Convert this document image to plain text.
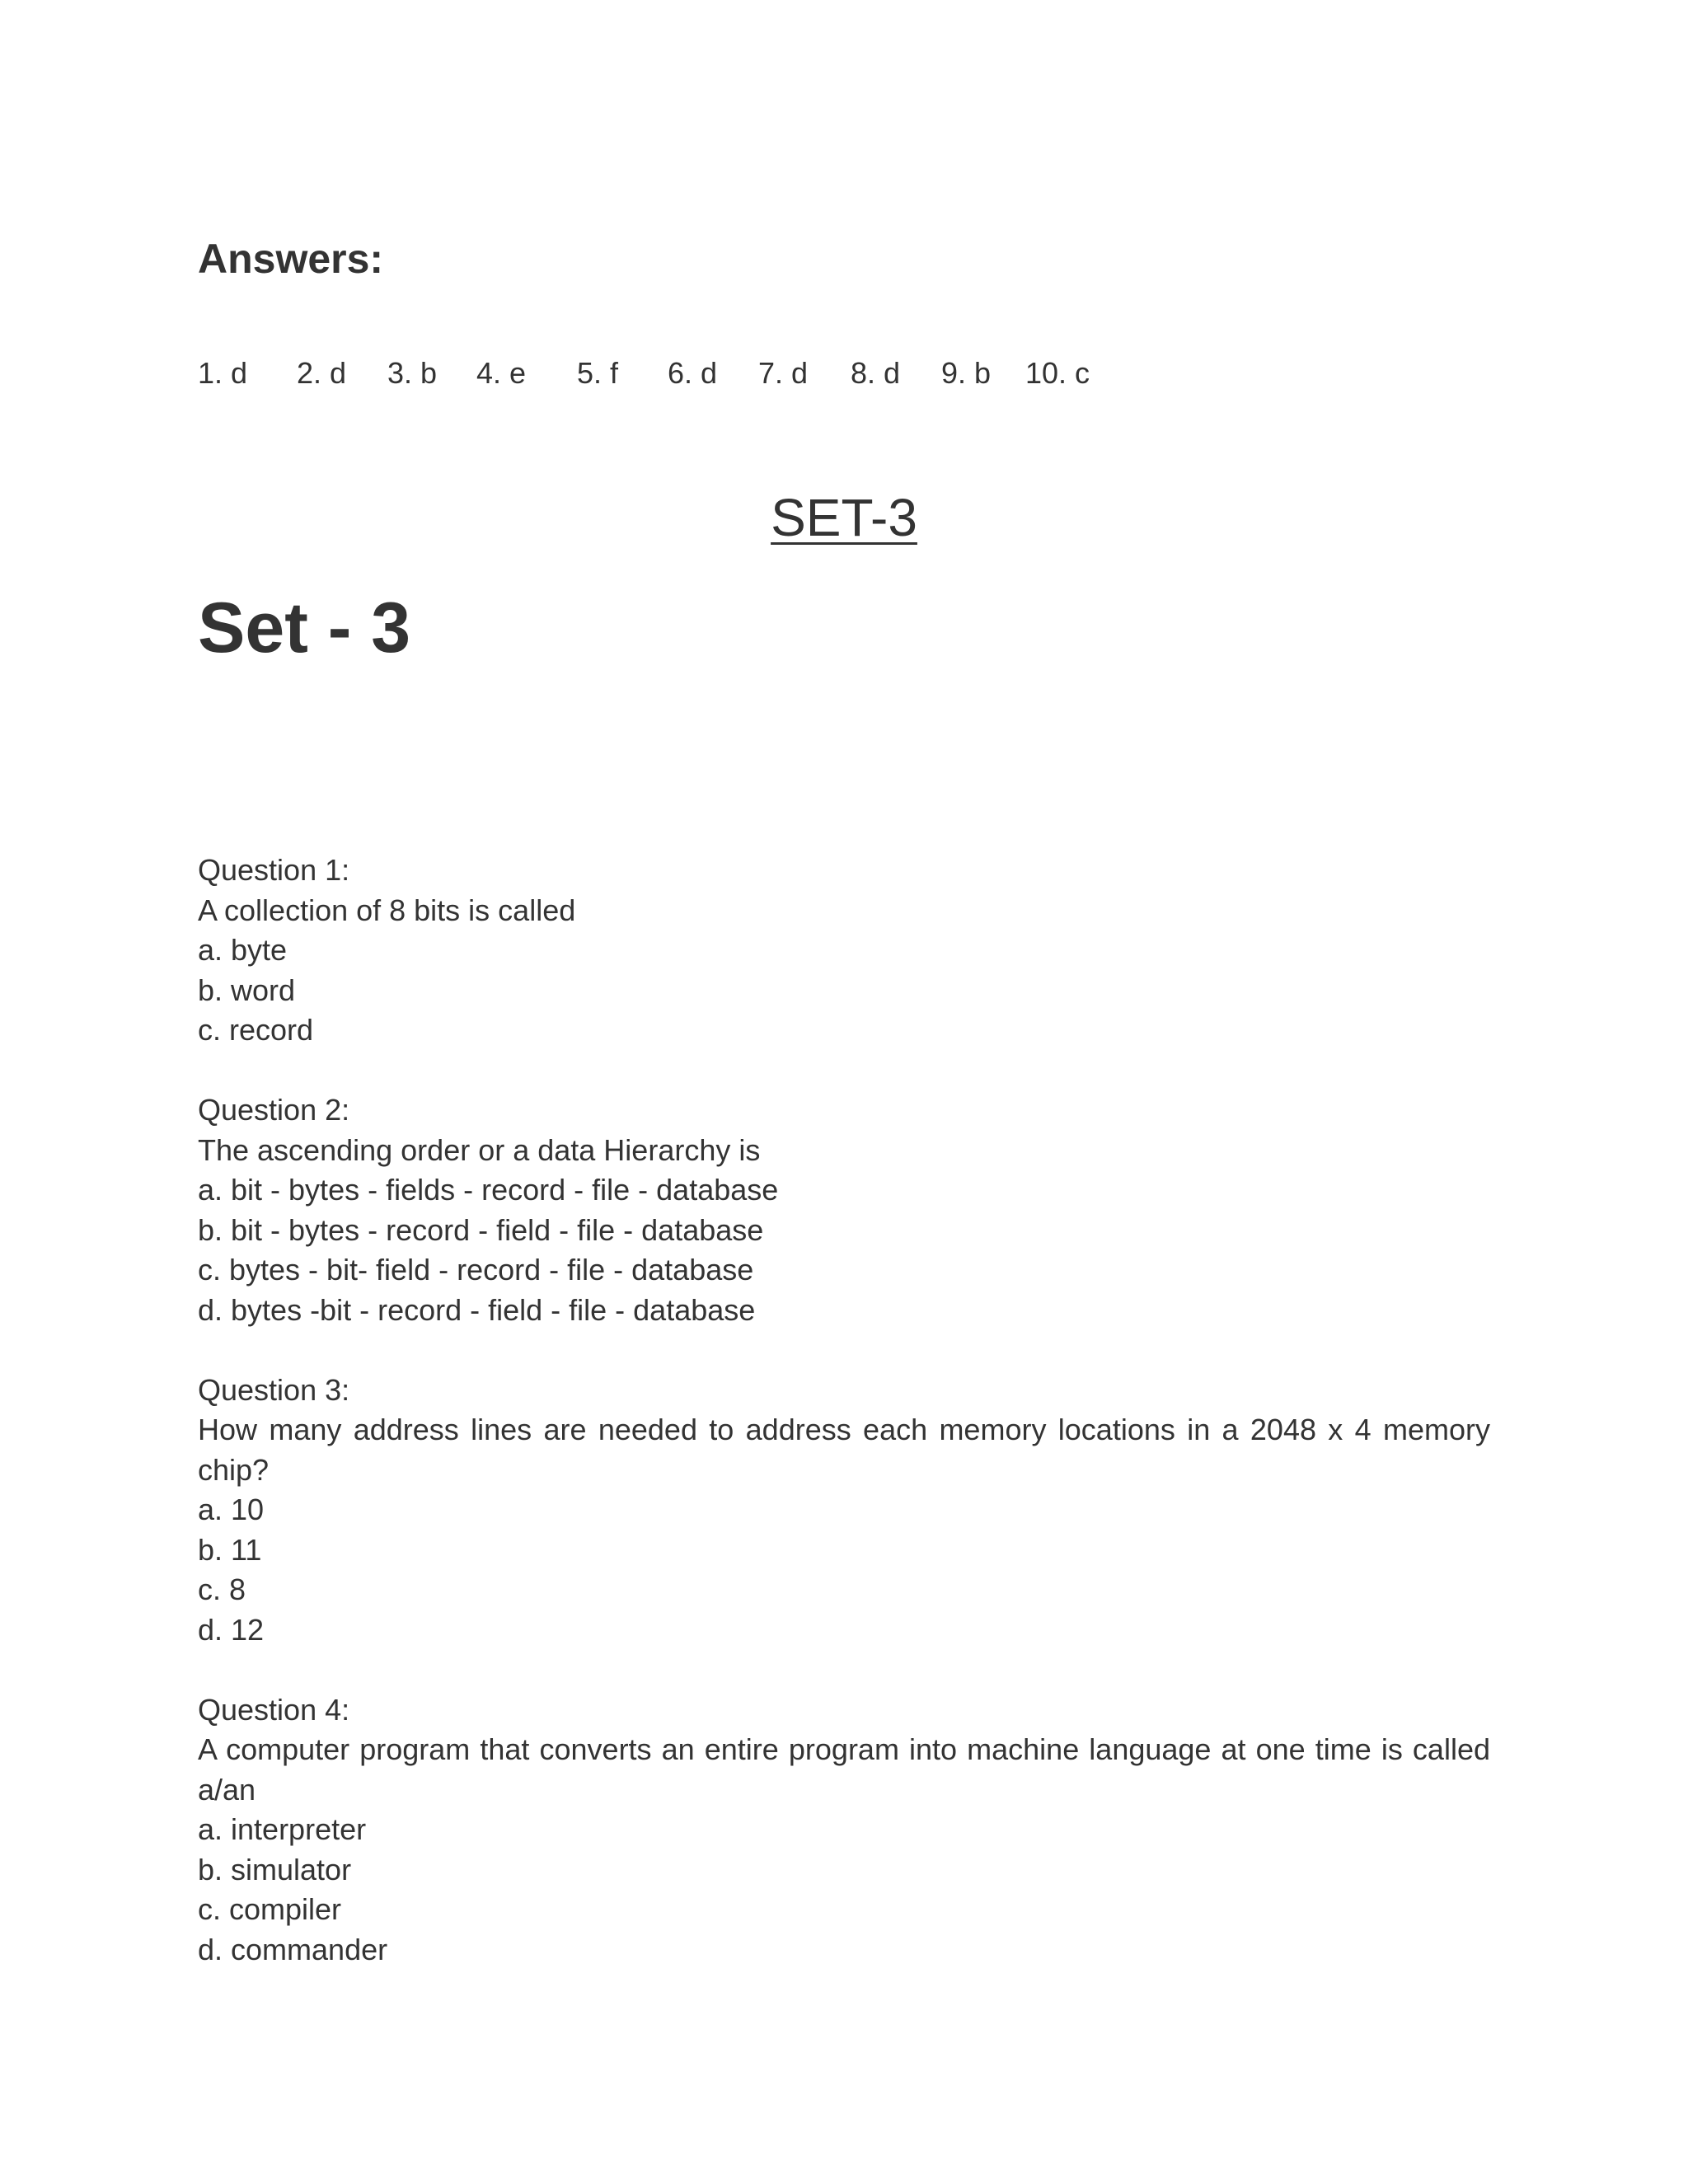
Answers:
1. d 2. d 3. b 4. e 5. f 6. d 7. d 8. d 9. b 10. c
SET-3
Set - 3

Question 1:

A collection of 8 bits is called

a. byte

b. word

c. record

Question 2:

The ascending order or a data Hierarchy is

a. bit - bytes - fields - record - file - database

b. bit - bytes - record - field - file - database

c. bytes - bit- field - record - file - database

d. bytes -bit - record - field - file - database

Question 3:

How many address lines are needed to address each memory locations in a 2048 x 4 memory chip?

a. 10

b. 11

c. 8

d. 12

Question 4:

A computer program that converts an entire program into machine language at one time is called a/an

a. interpreter

b. simulator

c. compiler

d. commander
